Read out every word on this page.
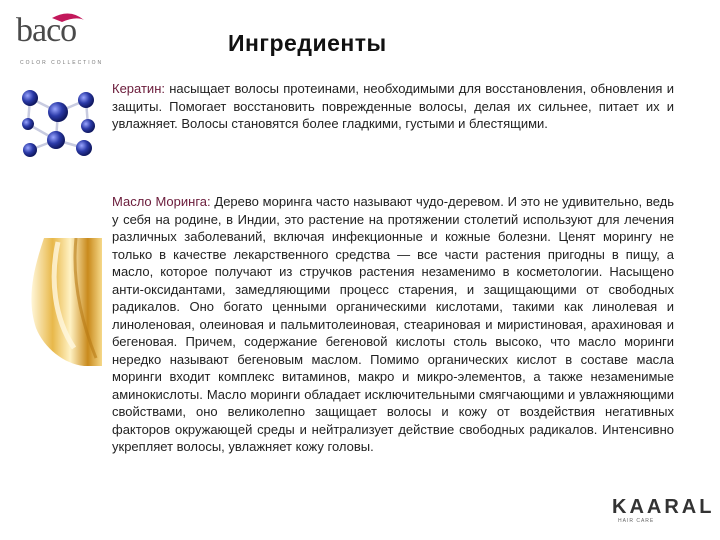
baco
COLOR COLLECTION
Ингредиенты
Кератин: насыщает волосы протеинами, необходимыми для восстановления, обновления и защиты. Помогает восстановить поврежденные волосы, делая их сильнее, питает их и увлажняет. Волосы становятся более гладкими, густыми и блестящими.
Масло Моринга: Дерево моринга часто называют чудо-деревом. И это не удивительно, ведь у себя на родине, в Индии, это растение на протяжении столетий используют для лечения различных заболеваний, включая инфекционные и кожные болезни. Ценят морингу не только в качестве лекарственного средства — все части растения пригодны в пищу, а масло, которое получают из стручков растения незаменимо в косметологии. Насыщено анти-оксидантами, замедляющими процесс старения, и защищающими от свободных радикалов. Оно богато ценными органическими кислотами, такими как линолевая и линоленовая, олеиновая и пальмитолеиновая, стеариновая и миристиновая, арахиновая и бегеновая. Причем, содержание бегеновой кислоты столь высоко, что масло моринги нередко называют бегеновым маслом. Помимо органических кислот в составе масла моринги входит комплекс витаминов, макро и микро-элементов, а также незаменимые аминокислоты. Масло моринги обладает исключительными смягчающими и увлажняющими свойствами, оно великолепно защищает волосы и кожу от воздействия негативных факторов окружающей среды и нейтрализует действие свободных радикалов. Интенсивно укрепляет волосы, увлажняет кожу головы.
KAARAL
HAIR CARE
